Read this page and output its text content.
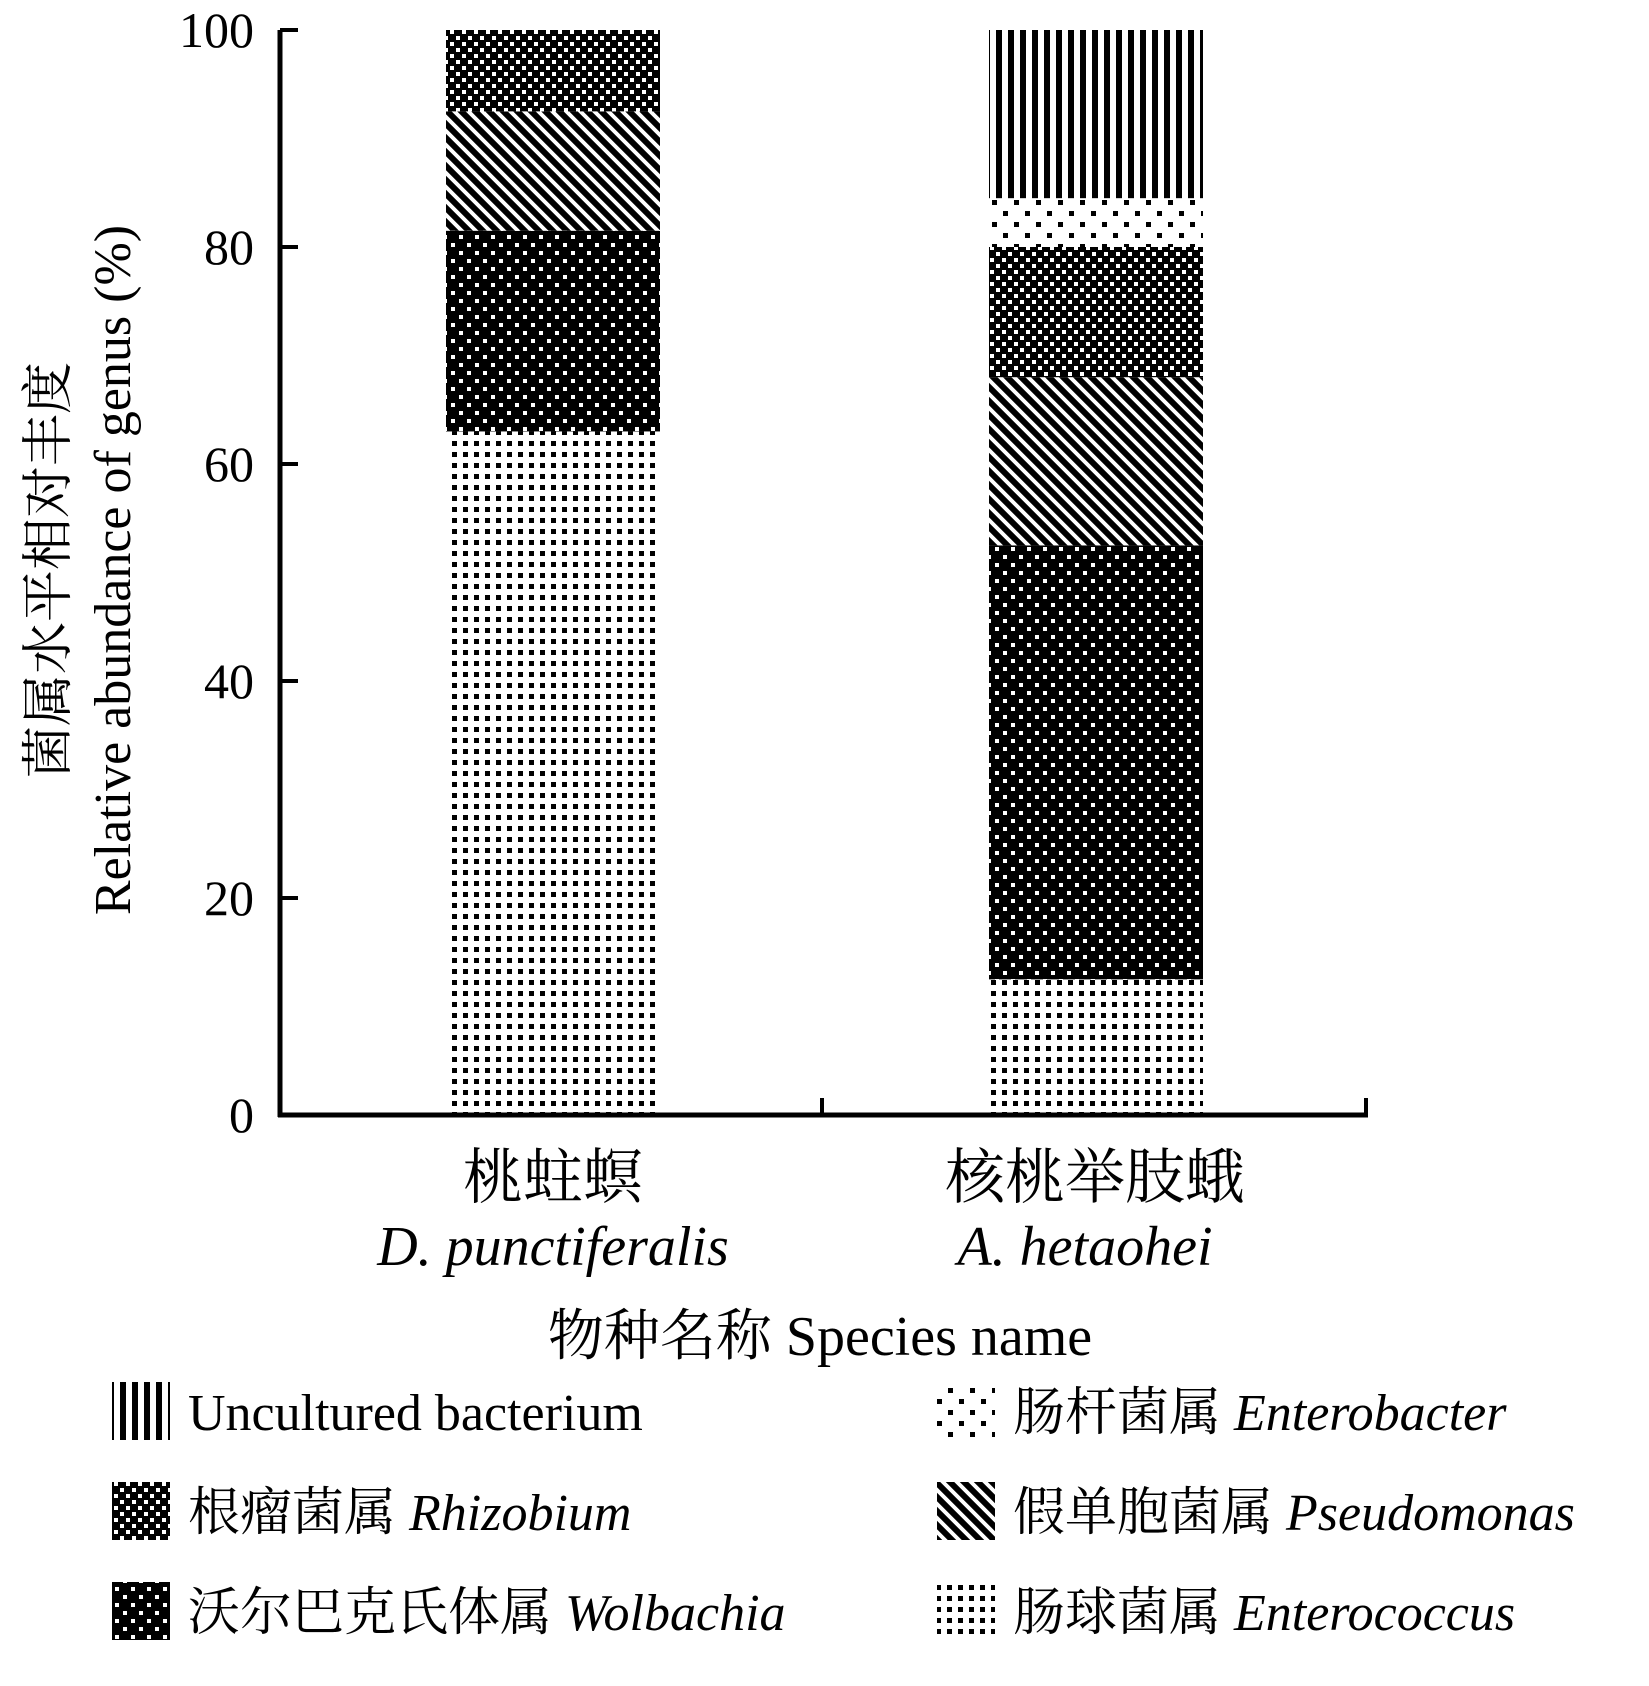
0
20
40
60
80
100
菌属水平相对丰度 Relative abundance of genus (%)
桃蛀螟
D. punctiferalis
核桃举肢蛾
A. hetaohei
物种名称 Species name
Uncultured bacterium	肠杆菌属 Enterobacter
根瘤菌属 Rhizobium	假单胞菌属 Pseudomonas
沃尔巴克氏体属 Wolbachia	肠球菌属 Enterococcus
